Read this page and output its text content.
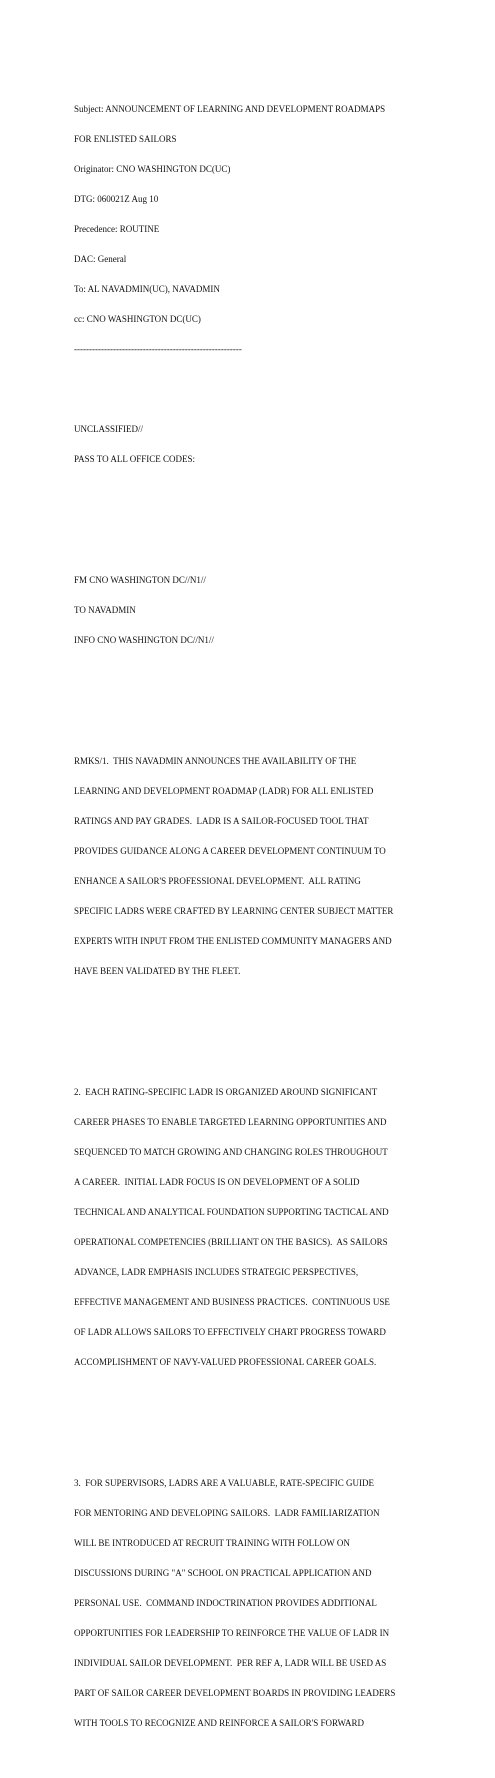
Subject: ANNOUNCEMENT OF LEARNING AND DEVELOPMENT ROADMAPS

FOR ENLISTED SAILORS

Originator: CNO WASHINGTON DC(UC)

DTG: 060021Z Aug 10

Precedence: ROUTINE

DAC: General

To: AL NAVADMIN(UC), NAVADMIN

cc: CNO WASHINGTON DC(UC)

--------------------------------------------------------

UNCLASSIFIED//

PASS TO ALL OFFICE CODES:

FM CNO WASHINGTON DC//N1//

TO NAVADMIN

INFO CNO WASHINGTON DC//N1//

RMKS/1.  THIS NAVADMIN ANNOUNCES THE AVAILABILITY OF THE

LEARNING AND DEVELOPMENT ROADMAP (LADR) FOR ALL ENLISTED

RATINGS AND PAY GRADES.  LADR IS A SAILOR-FOCUSED TOOL THAT

PROVIDES GUIDANCE ALONG A CAREER DEVELOPMENT CONTINUUM TO

ENHANCE A SAILOR'S PROFESSIONAL DEVELOPMENT.  ALL RATING

SPECIFIC LADRS WERE CRAFTED BY LEARNING CENTER SUBJECT MATTER

EXPERTS WITH INPUT FROM THE ENLISTED COMMUNITY MANAGERS AND

HAVE BEEN VALIDATED BY THE FLEET.

2.  EACH RATING-SPECIFIC LADR IS ORGANIZED AROUND SIGNIFICANT

CAREER PHASES TO ENABLE TARGETED LEARNING OPPORTUNITIES AND

SEQUENCED TO MATCH GROWING AND CHANGING ROLES THROUGHOUT

A CAREER.  INITIAL LADR FOCUS IS ON DEVELOPMENT OF A SOLID

TECHNICAL AND ANALYTICAL FOUNDATION SUPPORTING TACTICAL AND

OPERATIONAL COMPETENCIES (BRILLIANT ON THE BASICS).  AS SAILORS

ADVANCE, LADR EMPHASIS INCLUDES STRATEGIC PERSPECTIVES,

EFFECTIVE MANAGEMENT AND BUSINESS PRACTICES.  CONTINUOUS USE

OF LADR ALLOWS SAILORS TO EFFECTIVELY CHART PROGRESS TOWARD

ACCOMPLISHMENT OF NAVY-VALUED PROFESSIONAL CAREER GOALS.

3.  FOR SUPERVISORS, LADRS ARE A VALUABLE, RATE-SPECIFIC GUIDE

FOR MENTORING AND DEVELOPING SAILORS.  LADR FAMILIARIZATION

WILL BE INTRODUCED AT RECRUIT TRAINING WITH FOLLOW ON

DISCUSSIONS DURING "A" SCHOOL ON PRACTICAL APPLICATION AND

PERSONAL USE.  COMMAND INDOCTRINATION PROVIDES ADDITIONAL

OPPORTUNITIES FOR LEADERSHIP TO REINFORCE THE VALUE OF LADR IN

INDIVIDUAL SAILOR DEVELOPMENT.  PER REF A, LADR WILL BE USED AS

PART OF SAILOR CAREER DEVELOPMENT BOARDS IN PROVIDING LEADERS

WITH TOOLS TO RECOGNIZE AND REINFORCE A SAILOR'S FORWARD
